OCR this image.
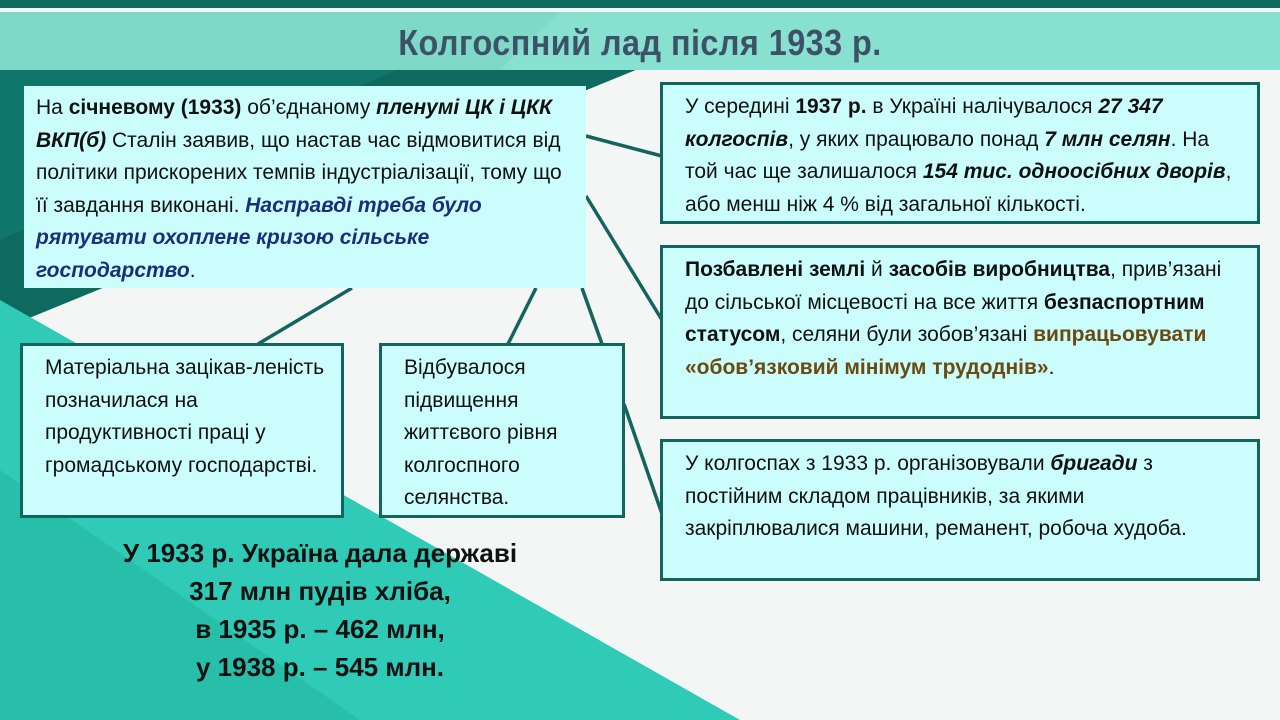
Колгоспний лад після 1933 р.
На січневому (1933) об’єднаному пленумі ЦК і ЦКК ВКП(б) Сталін заявив, що настав час відмовитися від політики прискорених темпів індустріалізації, тому що її завдання виконані. Насправді треба було рятувати охоплене кризою сільське господарство.
Матеріальна зацікав-леність позначилася на продуктивності праці у громадському господарстві.
Відбувалося підвищення життєвого рівня колгоспного селянства.
У 1933 р. Україна дала державі
317 млн пудів хліба,
в 1935 р. – 462 млн,
у 1938 р. – 545 млн.
У середині 1937 р. в Україні налічувалося 27 347 колгоспів, у яких працювало понад 7 млн селян. На той час ще залишалося 154 тис. одноосібних дворів, або менш ніж 4 % від загальної кількості.
Позбавлені землі й засобів виробництва, прив’язані до сільської місцевості на все життя безпаспортним статусом, селяни були зобов’язані випрацьовувати «обов’язковий мінімум трудоднів».
У колгоспах з 1933 р. організовували бригади з постійним складом працівників, за якими закріплювалися машини, реманент, робоча худоба.
